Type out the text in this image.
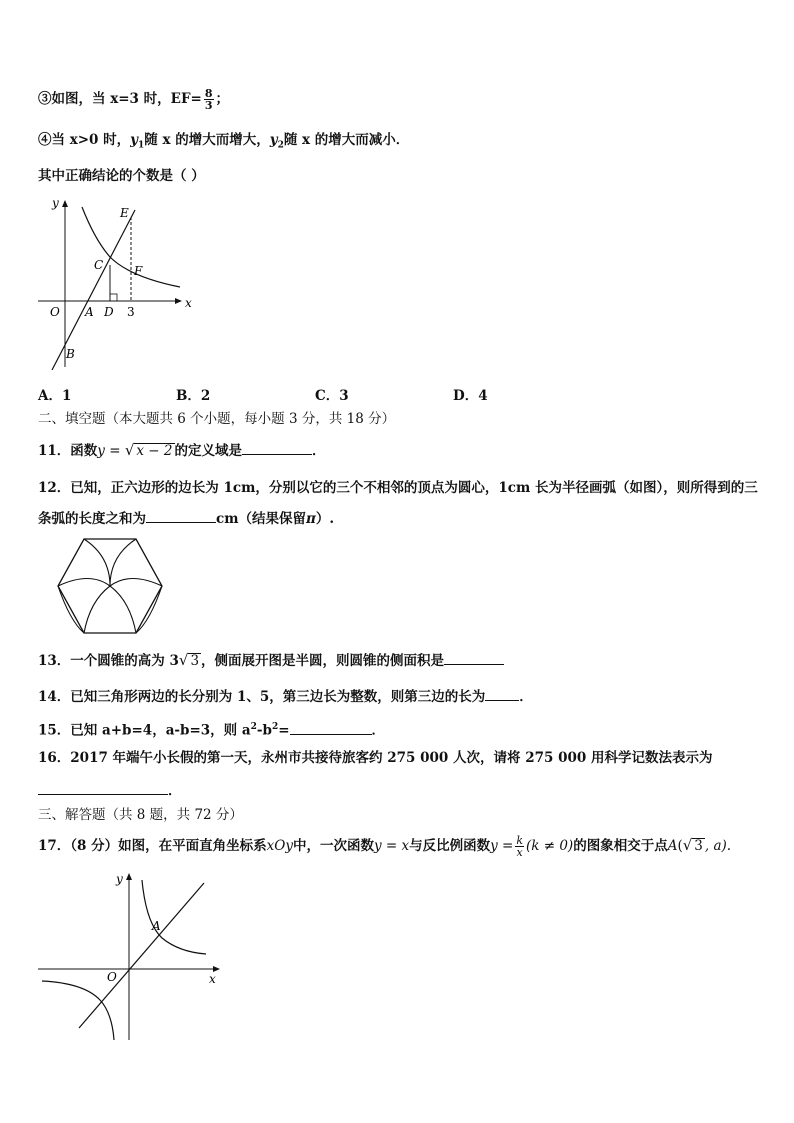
③如图，当 x=3 时，$EF= \frac{8}{3}$ ；
④当 x>0 时，$y_1$随 x 的增大而增大，$y_2$随 x 的增大而减小．
其中正确结论的个数是（ ）
y
x
E
C	F
O A D 3
B
A．1	B．2	C．3	D．4
二、填空题（本大题共 6 个小题，每小题 3 分，共 18 分）
11．函数y = √ x − 2 的定义域是	．
12．已知，正六边形的边长为 1cm，分别以它的三个不相邻的顶点为圆心，1cm 长为半径画弧（如图），则所得到的三
条弧的长度之和为	cm（结果保留π）.
13．一个圆锥的高为 3√ 3 ，侧面展开图是半圆，则圆锥的侧面积是
14．已知三角形两边的长分别为 1、5，第三边长为整数，则第三边的长为	．
15．已知 a+b=4，a-b=3，则 $a^2-b^2=$	．
16．2017 年端午小长假的第一天，永州市共接待旅客约 275 000 人次，请将 275 000 用科学记数法表示为
．
三、解答题（共 8 题，共 72 分）
17．（8 分）如图，在平面直角坐标系xOy中，一次函数y = x与反比例函数$y = \frac{k}{x} (k \ne 0)$的图象相交于点A(√ 3 , a).
y
x
O
A
